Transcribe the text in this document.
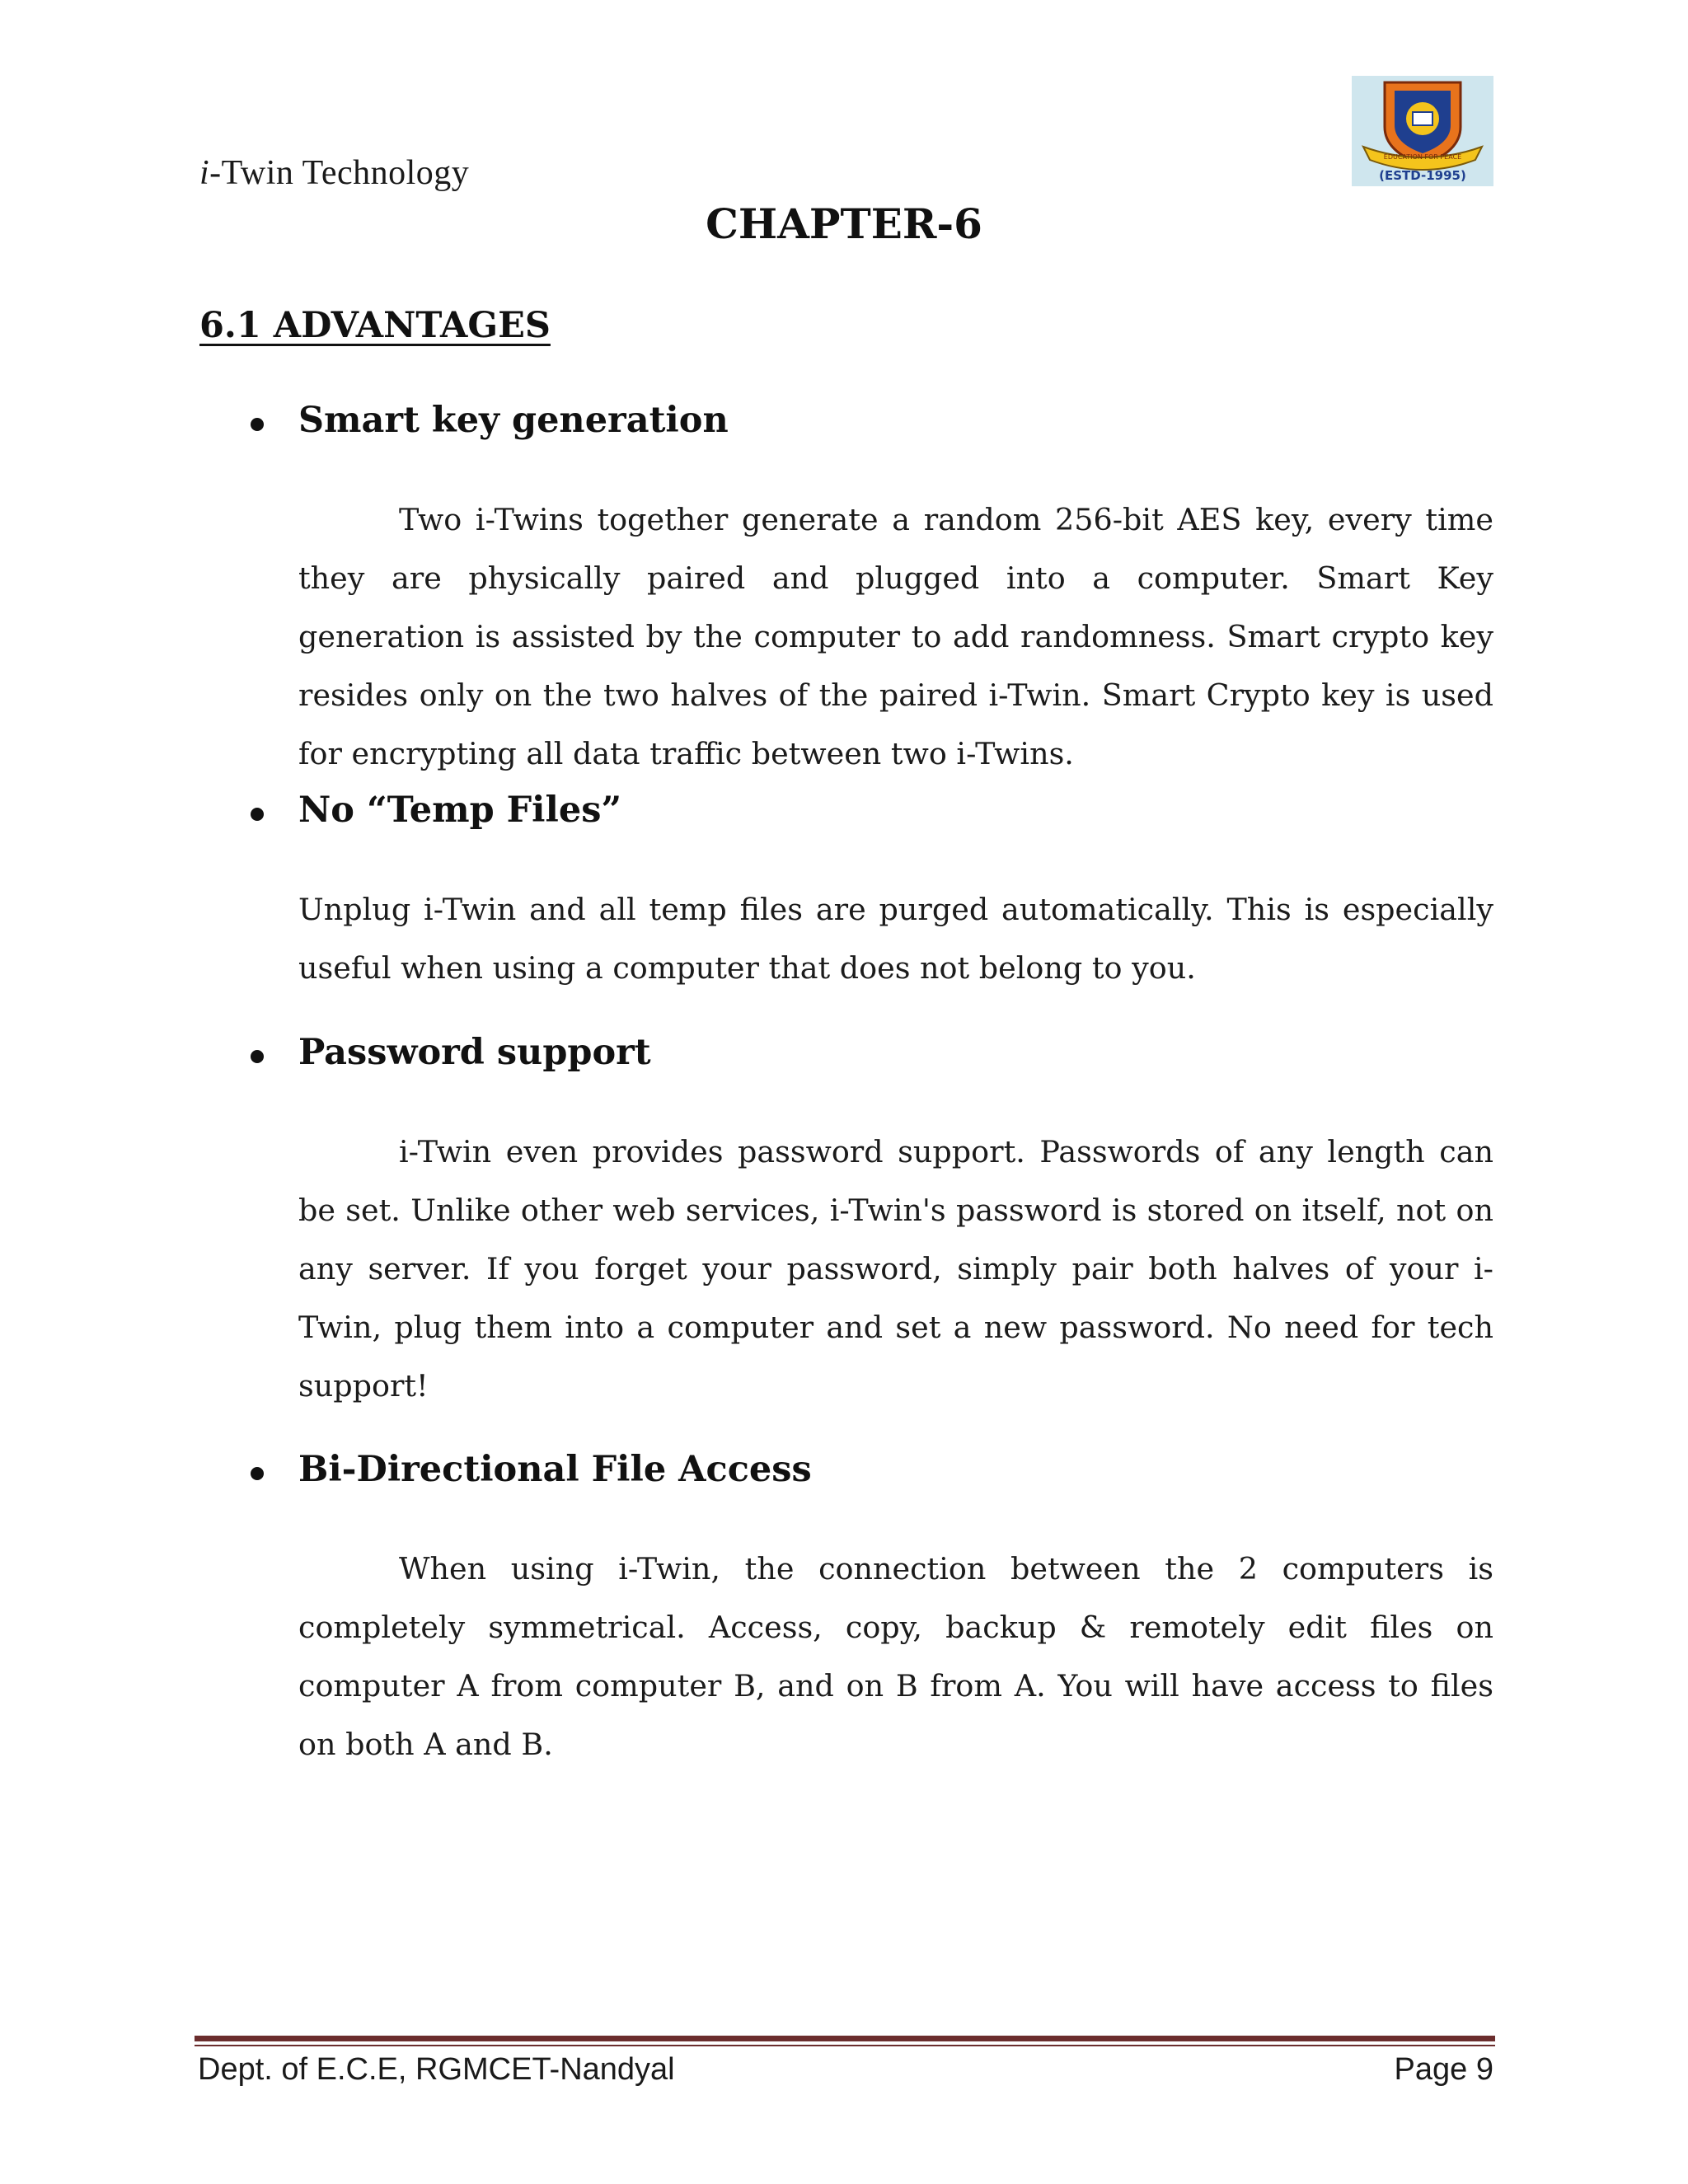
i-Twin Technology	EDUCATION FOR PEACE
(ESTD-1995)
CHAPTER-6
6.1 ADVANTAGES
Smart key generation

Two i-Twins together generate a random 256-bit AES key, every time they are physically paired and plugged into a computer. Smart Key generation is assisted by the computer to add randomness. Smart crypto key resides only on the two halves of the paired i-Twin. Smart Crypto key is used for encrypting all data traffic between two i-Twins.

No “Temp Files”

Unplug i-Twin and all temp files are purged automatically. This is especially useful when using a computer that does not belong to you.

Password support

i-Twin even provides password support. Passwords of any length can be set. Unlike other web services, i-Twin's password is stored on itself, not on any server. If you forget your password, simply pair both halves of your i-Twin, plug them into a computer and set a new password. No need for tech support!

Bi-Directional File Access

When using i-Twin, the connection between the 2 computers is completely symmetrical. Access, copy, backup & remotely edit files on computer A from computer B, and on B from A. You will have access to files on both A and B.

Dept. of E.C.E, RGMCET-Nandyal	Page 9
